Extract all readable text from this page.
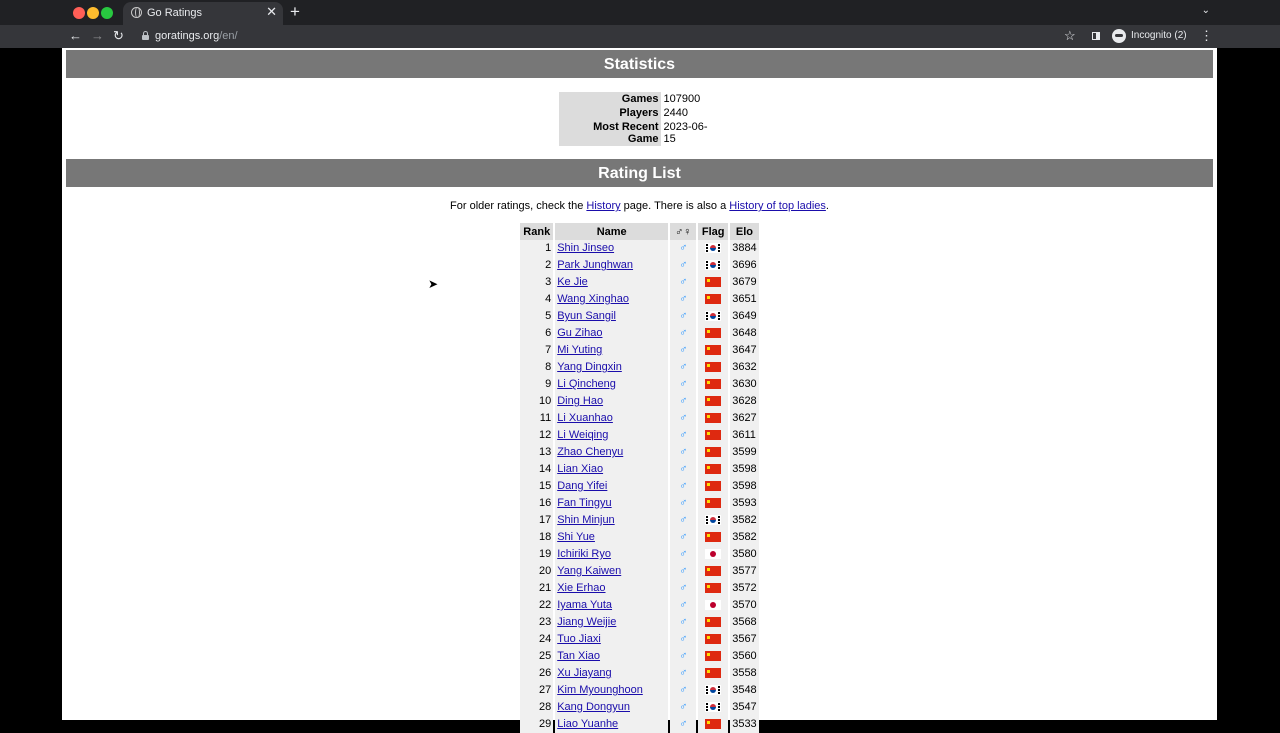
Go Ratings	✕ +	⌄
← → ↻	goratings.org/en/	☆	Incognito (2) ⋮
Statistics
Games	107900
Players	2440
Most Recent Game	2023-06-15
Rating List
For older ratings, check the History page. There is also a History of top ladies.
Rank	Name	♂♀	Flag	Elo
1	Shin Jinseo	♂		3884
2	Park Junghwan	♂		3696
3	Ke Jie	♂		3679
4	Wang Xinghao	♂		3651
5	Byun Sangil	♂		3649
6	Gu Zihao	♂		3648
7	Mi Yuting	♂		3647
8	Yang Dingxin	♂		3632
9	Li Qincheng	♂		3630
10	Ding Hao	♂		3628
11	Li Xuanhao	♂		3627
12	Li Weiqing	♂		3611
13	Zhao Chenyu	♂		3599
14	Lian Xiao	♂		3598
15	Dang Yifei	♂		3598
16	Fan Tingyu	♂		3593
17	Shin Minjun	♂		3582
18	Shi Yue	♂		3582
19	Ichiriki Ryo	♂		3580
20	Yang Kaiwen	♂		3577
21	Xie Erhao	♂		3572
22	Iyama Yuta	♂		3570
23	Jiang Weijie	♂		3568
24	Tuo Jiaxi	♂		3567
25	Tan Xiao	♂		3560
26	Xu Jiayang	♂		3558
27	Kim Myounghoon	♂		3548
28	Kang Dongyun	♂		3547
29	Liao Yuanhe	♂		3533
➤
